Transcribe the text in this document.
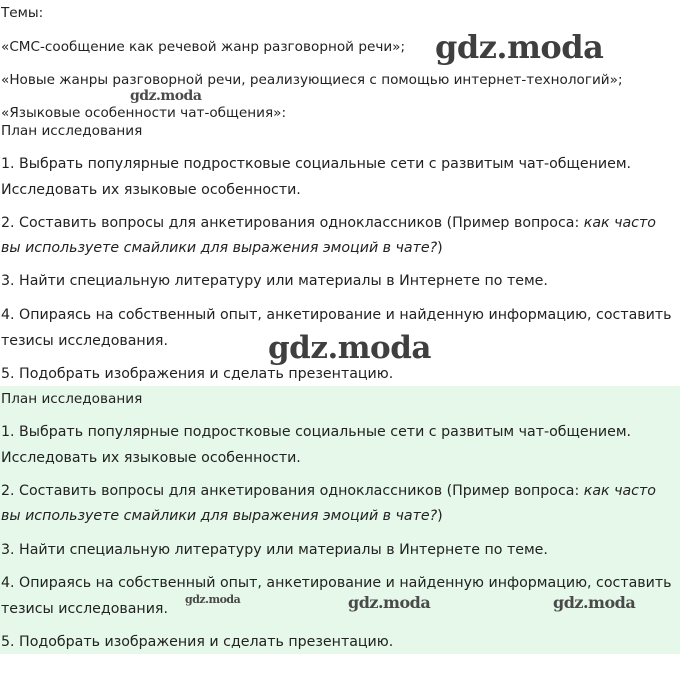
Темы:
«СМС-сообщение как речевой жанр разговорной речи»;
«Новые жанры разговорной речи, реализующиеся с помощью интернет-технологий»;
«Языковые особенности чат-общения»:
План исследования
1. Выбрать популярные подростковые социальные сети с развитым чат-общением.
Исследовать их языковые особенности.
2. Составить вопросы для анкетирования одноклассников (Пример вопроса: как часто
вы используете смайлики для выражения эмоций в чате?)
3. Найти специальную литературу или материалы в Интернете по теме.
4. Опираясь на собственный опыт, анкетирование и найденную информацию, составить
тезисы исследования.
5. Подобрать изображения и сделать презентацию.
План исследования
1. Выбрать популярные подростковые социальные сети с развитым чат-общением.
Исследовать их языковые особенности.
2. Составить вопросы для анкетирования одноклассников (Пример вопроса: как часто
вы используете смайлики для выражения эмоций в чате?)
3. Найти специальную литературу или материалы в Интернете по теме.
4. Опираясь на собственный опыт, анкетирование и найденную информацию, составить
тезисы исследования.
5. Подобрать изображения и сделать презентацию.
gdz.moda
gdz.moda
gdz.moda
gdz.moda	gdz.moda	gdz.moda
